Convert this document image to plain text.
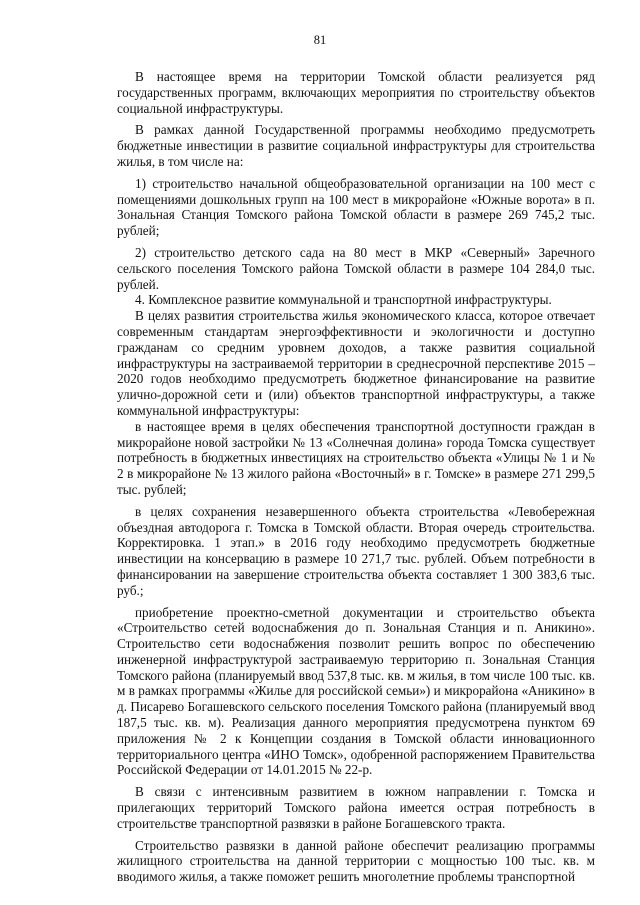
81

В настоящее время на территории Томской области реализуется ряд государственных программ, включающих мероприятия по строительству объектов социальной инфраструктуры.

В рамках данной Государственной программы необходимо предусмотреть бюджетные инвестиции в развитие социальной инфраструктуры для строительства жилья, в том числе на:

1) строительство начальной общеобразовательной организации на 100 мест с помещениями дошкольных групп на 100 мест в микрорайоне «Южные ворота» в п. Зональная Станция Томского района Томской области в размере 269 745,2 тыс. рублей;

2) строительство детского сада на 80 мест в МКР «Северный» Заречного сельского поселения Томского района Томской области в размере 104 284,0 тыс. рублей.

4. Комплексное развитие коммунальной и транспортной инфраструктуры.

В целях развития строительства жилья экономического класса, которое отвечает современным стандартам энергоэффективности и экологичности и доступно гражданам со средним уровнем доходов, а также развития социальной инфраструктуры на застраиваемой территории в среднесрочной перспективе 2015 – 2020 годов необходимо предусмотреть бюджетное финансирование на развитие улично-дорожной сети и (или) объектов транспортной инфраструктуры, а также коммунальной инфраструктуры:

в настоящее время в целях обеспечения транспортной доступности граждан в микрорайоне новой застройки № 13 «Солнечная долина» города Томска существует потребность в бюджетных инвестициях на строительство объекта «Улицы № 1 и № 2 в микрорайоне № 13 жилого района «Восточный» в г. Томске» в размере 271 299,5 тыс. рублей;

в целях сохранения незавершенного объекта строительства «Левобережная объездная автодорога г. Томска в Томской области. Вторая очередь строительства. Корректировка. 1 этап.» в 2016 году необходимо предусмотреть бюджетные инвестиции на консервацию в размере 10 271,7 тыс. рублей. Объем потребности в финансировании на завершение строительства объекта составляет 1 300 383,6 тыс. руб.;

приобретение проектно-сметной документации и строительство объекта «Строительство сетей водоснабжения до п. Зональная Станция и п. Аникино». Строительство сети водоснабжения позволит решить вопрос по обеспечению инженерной инфраструктурой застраиваемую территорию п. Зональная Станция Томского района (планируемый ввод 537,8 тыс. кв. м жилья, в том числе 100 тыс. кв. м в рамках программы «Жилье для российской семьи») и микрорайона «Аникино» в д. Писарево Богашевского сельского поселения Томского района (планируемый ввод 187,5 тыс. кв. м). Реализация данного мероприятия предусмотрена пунктом 69 приложения № 2 к Концепции создания в Томской области инновационного территориального центра «ИНО Томск», одобренной распоряжением Правительства Российской Федерации от 14.01.2015 № 22-р.

В связи с интенсивным развитием в южном направлении г. Томска и прилегающих территорий Томского района имеется острая потребность в строительстве транспортной развязки в районе Богашевского тракта.

Строительство развязки в данной районе обеспечит реализацию программы жилищного строительства на данной территории с мощностью 100 тыс. кв. м вводимого жилья, а также поможет решить многолетние проблемы транспортной
